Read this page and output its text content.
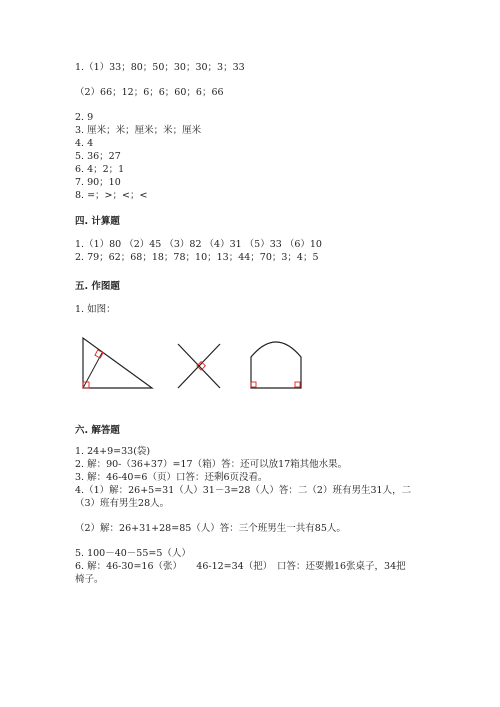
1.（1）33；80；50；30；30；3；33
（2）66；12；6；6；60；6；66
2. 9
3. 厘米；米；厘米；米；厘米
4. 4
5. 36；27
6. 4；2；1
7. 90；10
8. =；>；<；<
四. 计算题
1.（1）80 （2）45 （3）82 （4）31 （5）33 （6）10
2. 79；62；68；18；78；10；13；44；70；3；4；5
五. 作图题
1. 如图：
六. 解答题
1. 24+9=33(袋)
2. 解：90-（36+37）=17（箱）答：还可以放17箱其他水果。
3. 解：46-40=6（页）口答：还剩6页没看。
4.（1）解：26+5=31（人）31－3=28（人）答：二（2）班有男生31人，二
（3）班有男生28人。
（2）解：26+31+28=85（人）答：三个班男生一共有85人。
5. 100－40－55=5（人）
6. 解：46-30=16（张）　　46-12=34（把）　口答：还要搬16张桌子，34把
椅子。
